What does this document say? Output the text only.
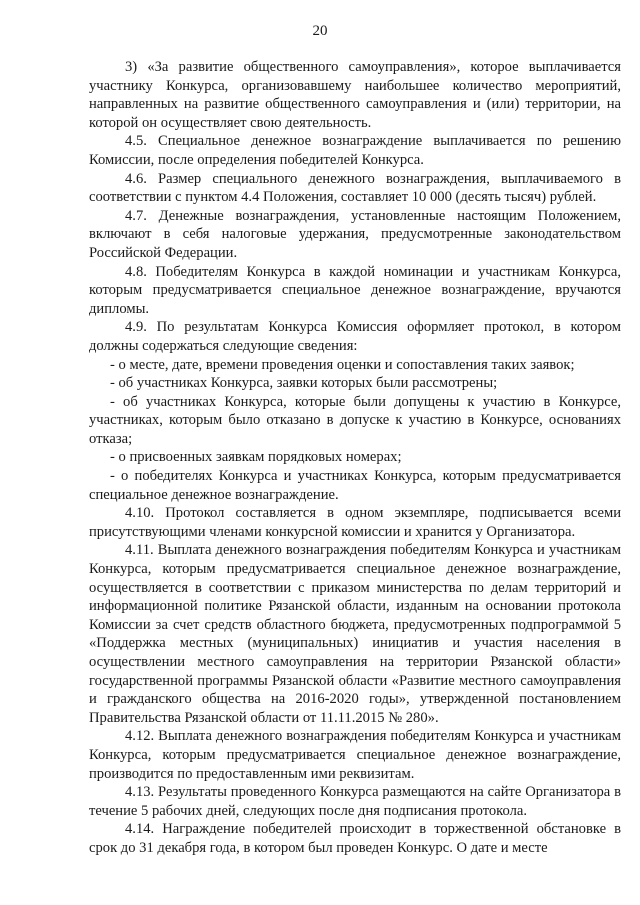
20

3) «За развитие общественного самоуправления», которое выплачивается участнику Конкурса, организовавшему наибольшее количество мероприятий, направленных на развитие общественного самоуправления и (или) территории, на которой он осуществляет свою деятельность.

4.5. Специальное денежное вознаграждение выплачивается по решению Комиссии, после определения победителей Конкурса.

4.6. Размер специального денежного вознаграждения, выплачиваемого в соответствии с пунктом 4.4 Положения, составляет 10 000 (десять тысяч) рублей.

4.7. Денежные вознаграждения, установленные настоящим Положением, включают в себя налоговые удержания, предусмотренные законодательством Российской Федерации.

4.8. Победителям Конкурса в каждой номинации и участникам Конкурса, которым предусматривается специальное денежное вознаграждение, вручаются дипломы.

4.9. По результатам Конкурса Комиссия оформляет протокол, в котором должны содержаться следующие сведения:

- о месте, дате, времени проведения оценки и сопоставления таких заявок;

- об участниках Конкурса, заявки которых были рассмотрены;

- об участниках Конкурса, которые были допущены к участию в Конкурсе, участниках, которым было отказано в допуске к участию в Конкурсе, основаниях отказа;

- о присвоенных заявкам порядковых номерах;

- о победителях Конкурса и участниках Конкурса, которым предусматривается специальное денежное вознаграждение.

4.10. Протокол составляется в одном экземпляре, подписывается всеми присутствующими членами конкурсной комиссии и хранится у Организатора.

4.11. Выплата денежного вознаграждения победителям Конкурса и участникам Конкурса, которым предусматривается специальное денежное вознаграждение, осуществляется в соответствии с приказом министерства по делам территорий и информационной политике Рязанской области, изданным на основании протокола Комиссии за счет средств областного бюджета, предусмотренных подпрограммой 5 «Поддержка местных (муниципальных) инициатив и участия населения в осуществлении местного самоуправления на территории Рязанской области» государственной программы Рязанской области «Развитие местного самоуправления и гражданского общества на 2016-2020 годы», утвержденной постановлением Правительства Рязанской области от 11.11.2015 № 280».

4.12. Выплата денежного вознаграждения победителям Конкурса и участникам Конкурса, которым предусматривается специальное денежное вознаграждение, производится по предоставленным ими реквизитам.

4.13. Результаты проведенного Конкурса размещаются на сайте Организатора в течение 5 рабочих дней, следующих после дня подписания протокола.

4.14. Награждение победителей происходит в торжественной обстановке в срок до 31 декабря года, в котором был проведен Конкурс. О дате и месте
